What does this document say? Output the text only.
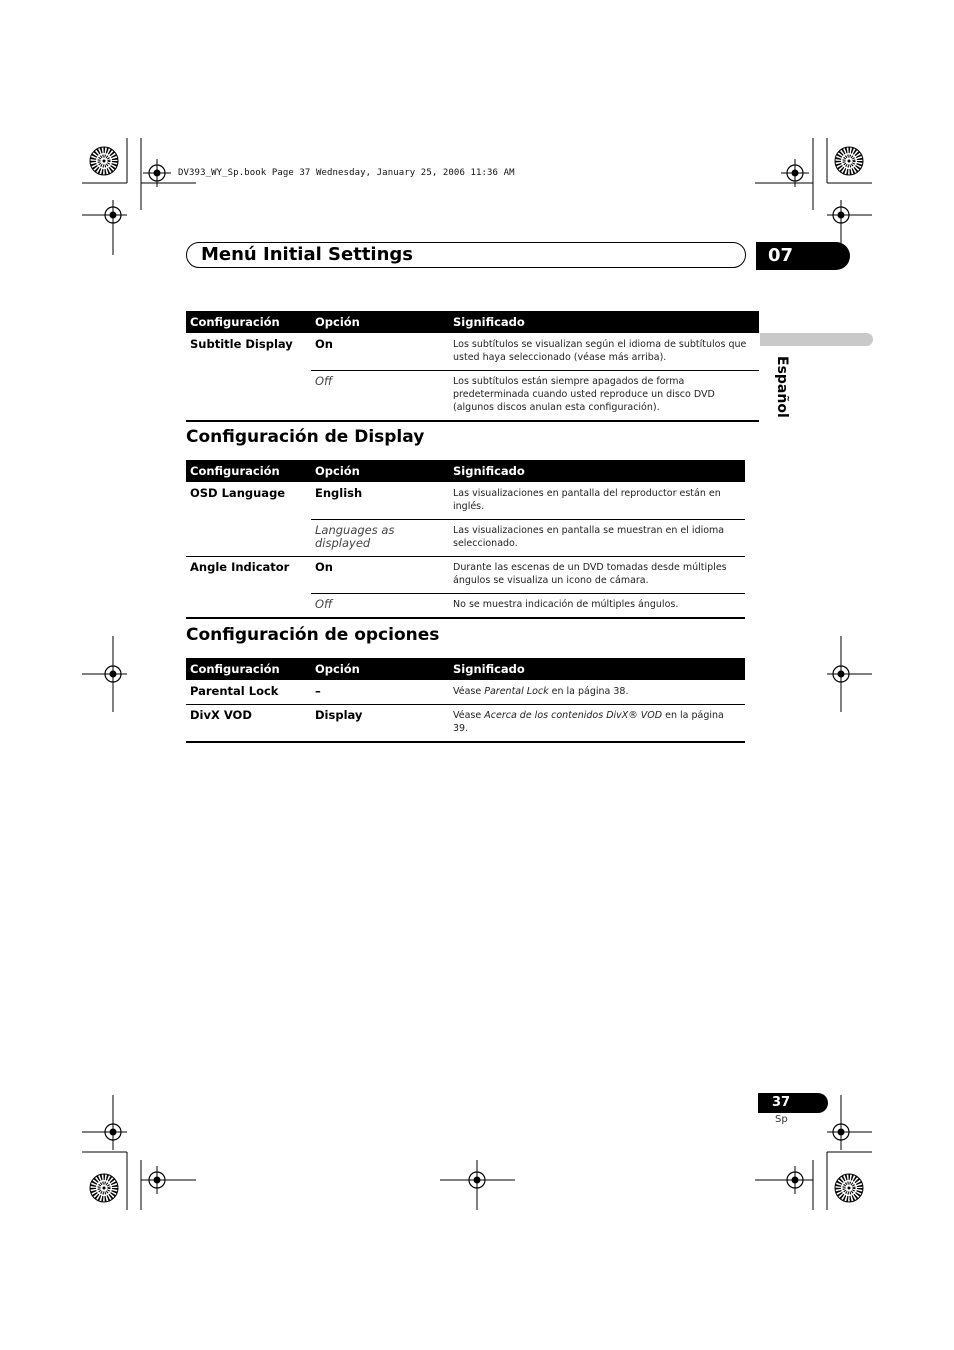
DV393_WY_Sp.book Page 37 Wednesday, January 25, 2006 11:36 AM
Menú Initial Settings	07
Español
Configuración	Opción	Significado
Subtitle Display	On	Los subtítulos se visualizan según el idioma de subtítulos que usted haya seleccionado (véase más arriba).
	Off	Los subtítulos están siempre apagados de forma predeterminada cuando usted reproduce un disco DVD (algunos discos anulan esta configuración).
Configuración de Display
Configuración	Opción	Significado
OSD Language	English	Las visualizaciones en pantalla del reproductor están en inglés.
	Languages as displayed	Las visualizaciones en pantalla se muestran en el idioma seleccionado.
Angle Indicator	On	Durante las escenas de un DVD tomadas desde múltiples ángulos se visualiza un icono de cámara.
	Off	No se muestra indicación de múltiples ángulos.
Configuración de opciones
Configuración	Opción	Significado
Parental Lock	–	Véase Parental Lock en la página 38.
DivX VOD	Display	Véase Acerca de los contenidos DivX® VOD en la página 39.
37
Sp
